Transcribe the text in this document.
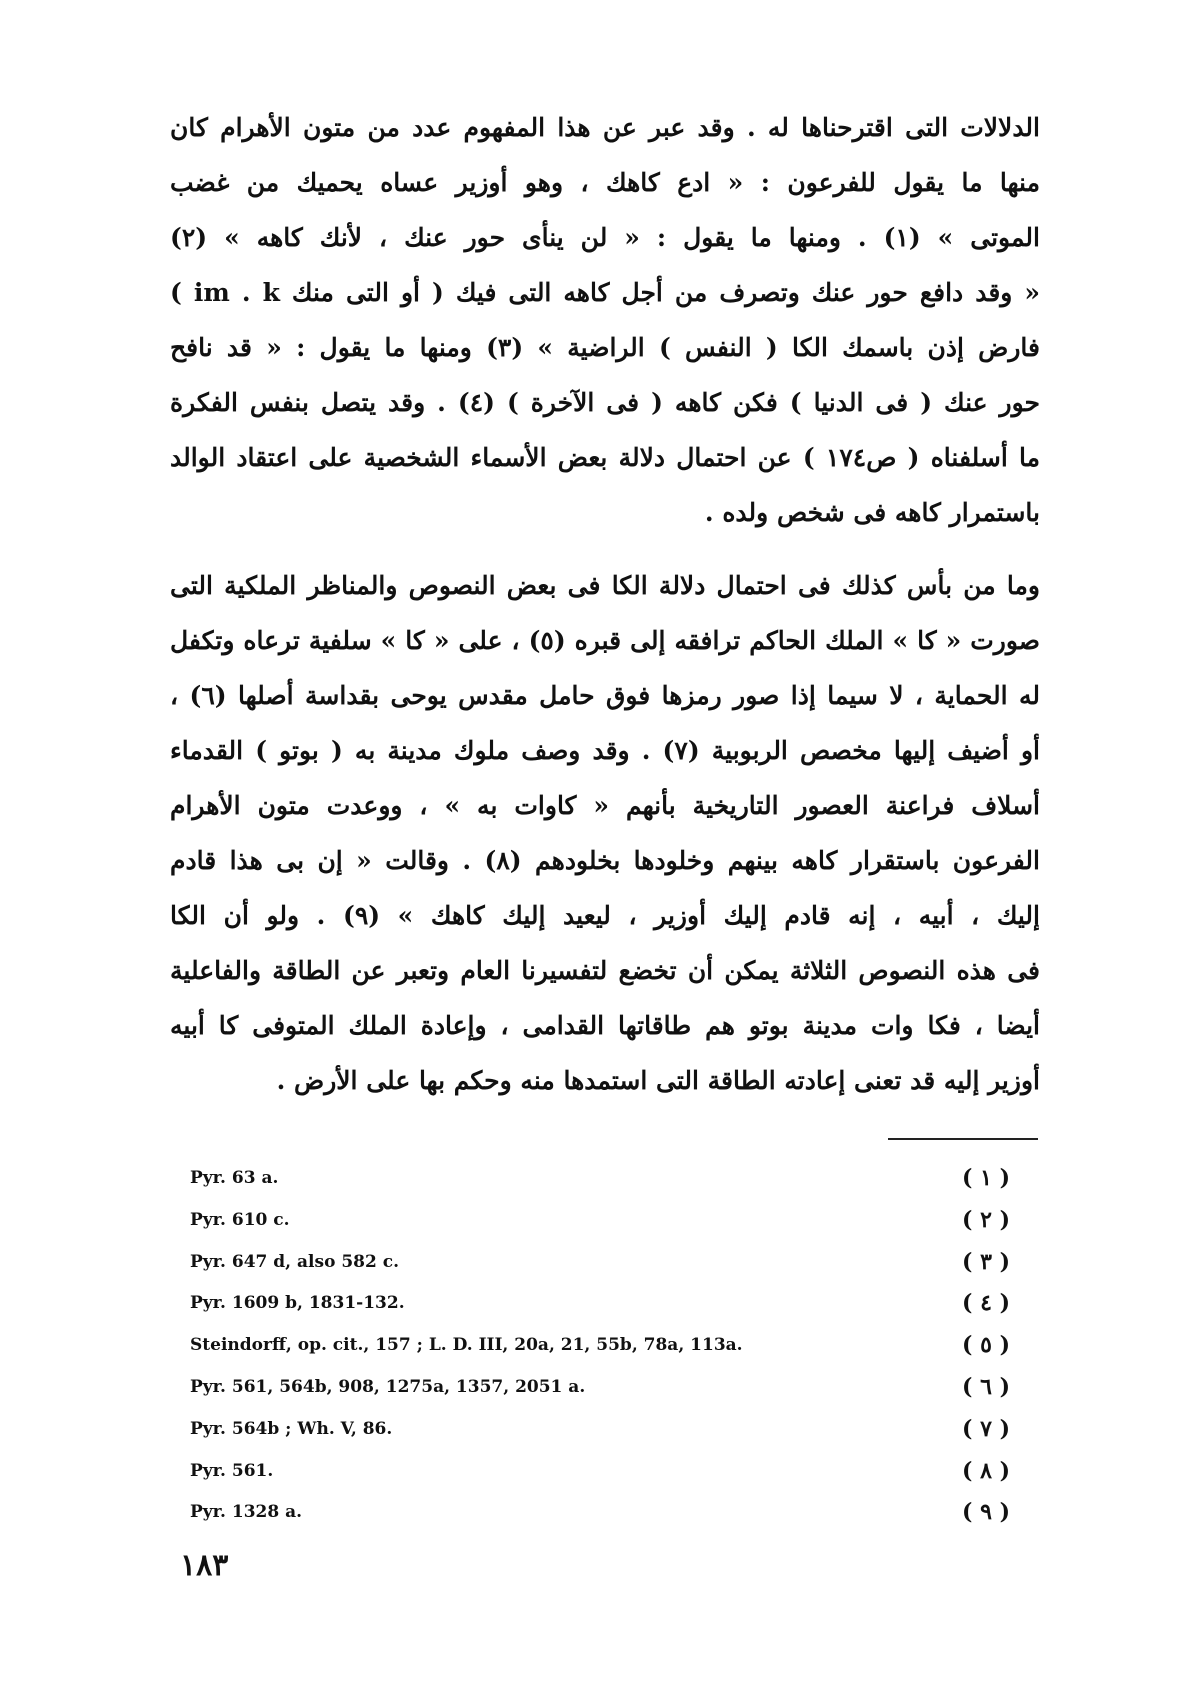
الدلالات التى اقترحناها له . وقد عبر عن هذا المفهوم عدد من متون الأهرام كان
منها ما يقول للفرعون : « ادع كاهك ، وهو أوزير عساه يحميك من غضب
الموتى » (١) . ومنها ما يقول : « لن ينأى حور عنك ، لأنك كاهه » (٢)
« وقد دافع حور عنك وتصرف من أجل كاهه التى فيك ( أو التى منك im . k )
فارض إذن باسمك الكا ( النفس ) الراضية » (٣) ومنها ما يقول : « قد نافح
حور عنك ( فى الدنيا ) فكن كاهه ( فى الآخرة ) (٤) . وقد يتصل بنفس الفكرة
ما أسلفناه ( ص١٧٤ ) عن احتمال دلالة بعض الأسماء الشخصية على اعتقاد الوالد
باستمرار كاهه فى شخص ولده .
وما من بأس كذلك فى احتمال دلالة الكا فى بعض النصوص والمناظر الملكية التى
صورت « كا » الملك الحاكم ترافقه إلى قبره (٥) ، على « كا » سلفية ترعاه وتكفل
له الحماية ، لا سيما إذا صور رمزها فوق حامل مقدس يوحى بقداسة أصلها (٦) ،
أو أضيف إليها مخصص الربوبية (٧) . وقد وصف ملوك مدينة به ( بوتو ) القدماء
أسلاف فراعنة العصور التاريخية بأنهم « كاوات به » ، ووعدت متون الأهرام
الفرعون باستقرار كاهه بينهم وخلودها بخلودهم (٨) . وقالت « إن بى هذا قادم
إليك ، أبيه ، إنه قادم إليك أوزير ، ليعيد إليك كاهك » (٩) . ولو أن الكا
فى هذه النصوص الثلاثة يمكن أن تخضع لتفسيرنا العام وتعبر عن الطاقة والفاعلية
أيضا ، فكا وات مدينة بوتو هم طاقاتها القدامى ، وإعادة الملك المتوفى كا أبيه
أوزير إليه قد تعنى إعادته الطاقة التى استمدها منه وحكم بها على الأرض .
Pyr. 63 a.	( ١ )
Pyr. 610 c.	( ٢ )
Pyr. 647 d, also 582 c.	( ٣ )
Pyr. 1609 b, 1831-132.	( ٤ )
Steindorff, op. cit., 157 ; L. D. III, 20a, 21, 55b, 78a, 113a.	( ٥ )
Pyr. 561, 564b, 908, 1275a, 1357, 2051 a.	( ٦ )
Pyr. 564b ; Wh. V, 86.	( ٧ )
Pyr. 561.	( ٨ )
Pyr. 1328 a.	( ٩ )
١٨٣
